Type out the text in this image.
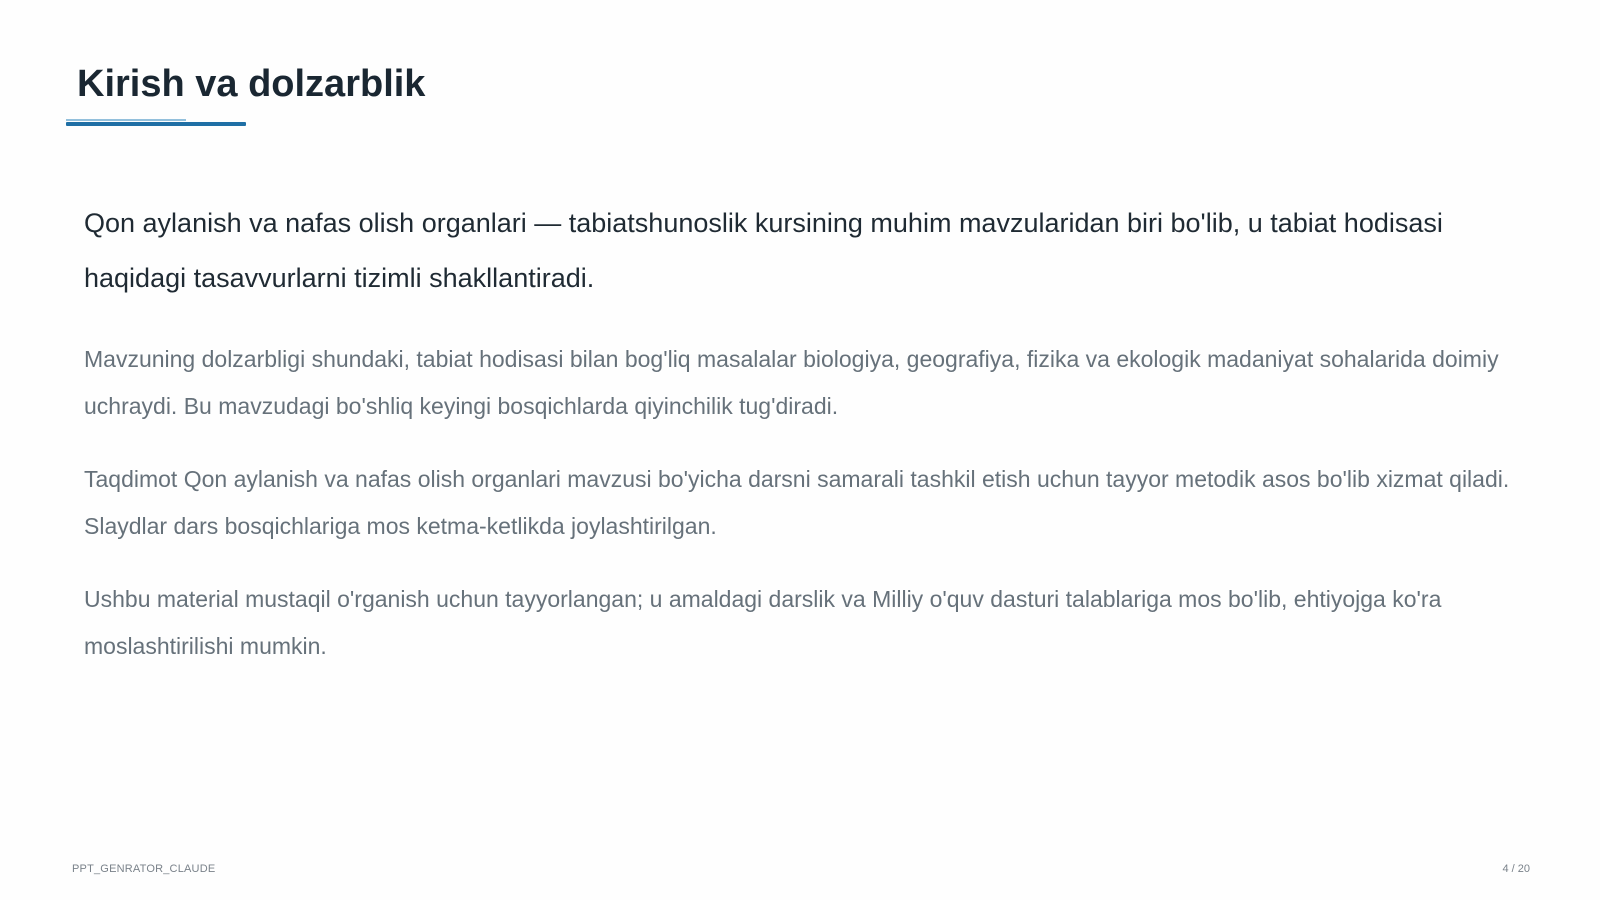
Kirish va dolzarblik

Qon aylanish va nafas olish organlari — tabiatshunoslik kursining muhim mavzularidan biri bo'lib, u tabiat hodisasi haqidagi tasavvurlarni tizimli shakllantiradi.

Mavzuning dolzarbligi shundaki, tabiat hodisasi bilan bog'liq masalalar biologiya, geografiya, fizika va ekologik madaniyat sohalarida doimiy uchraydi. Bu mavzudagi bo'shliq keyingi bosqichlarda qiyinchilik tug'diradi.

Taqdimot Qon aylanish va nafas olish organlari mavzusi bo'yicha darsni samarali tashkil etish uchun tayyor metodik asos bo'lib xizmat qiladi. Slaydlar dars bosqichlariga mos ketma-ketlikda joylashtirilgan.

Ushbu material mustaqil o'rganish uchun tayyorlangan; u amaldagi darslik va Milliy o'quv dasturi talablariga mos bo'lib, ehtiyojga ko'ra moslashtirilishi mumkin.

PPT_GENRATOR_CLAUDE	4 / 20
